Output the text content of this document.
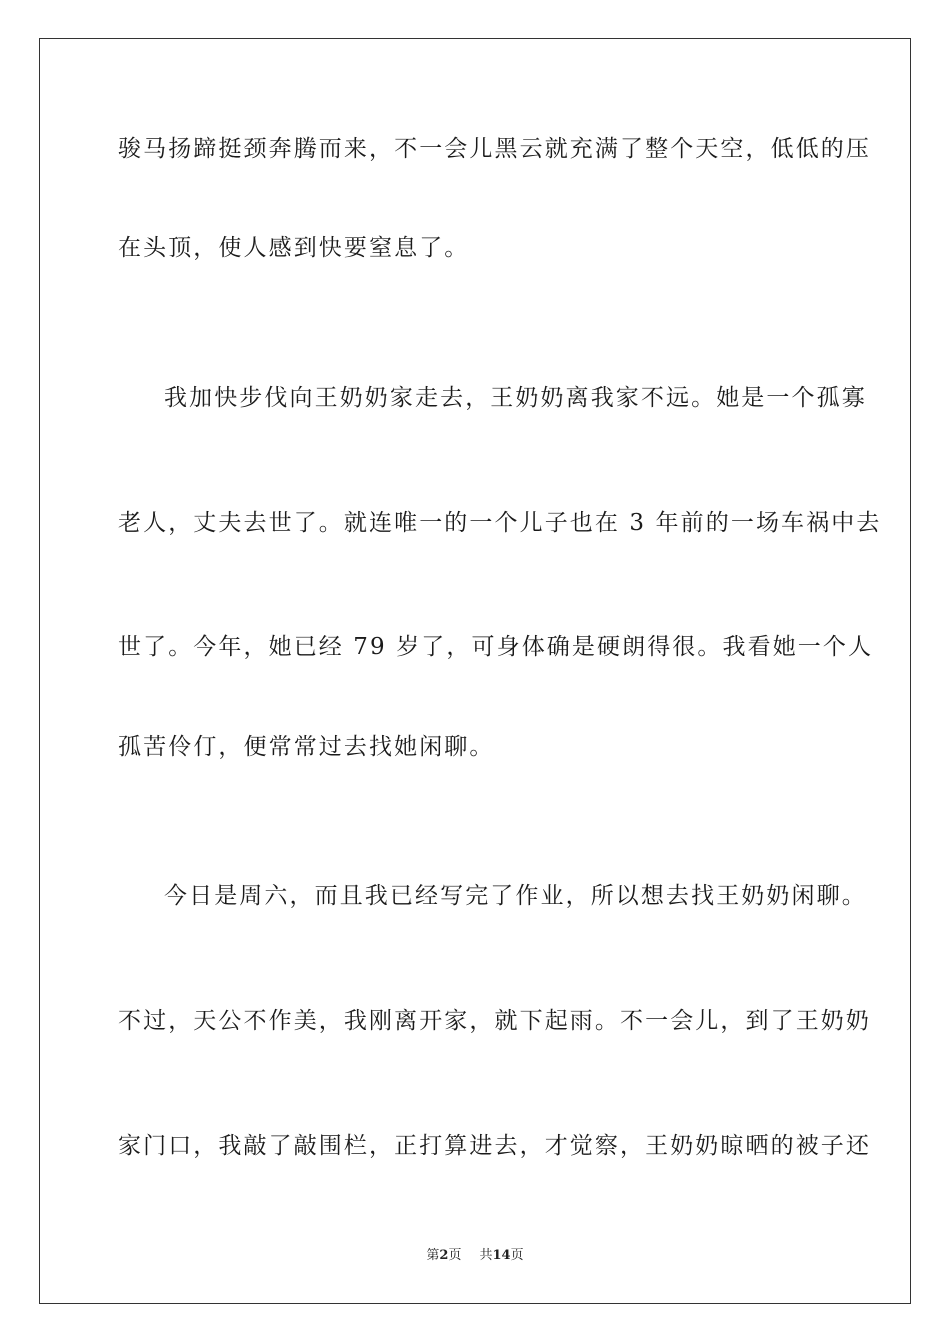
骏马扬蹄挺颈奔腾而来，不一会儿黑云就充满了整个天空，低低的压
在头顶，使人感到快要窒息了。
我加快步伐向王奶奶家走去，王奶奶离我家不远。她是一个孤寡
老人，丈夫去世了。就连唯一的一个儿子也在 3 年前的一场车祸中去
世了。今年，她已经 79 岁了，可身体确是硬朗得很。我看她一个人
孤苦伶仃，便常常过去找她闲聊。
今日是周六，而且我已经写完了作业，所以想去找王奶奶闲聊。
不过，天公不作美，我刚离开家，就下起雨。不一会儿，到了王奶奶
家门口，我敲了敲围栏，正打算进去，才觉察，王奶奶晾晒的被子还
第2页 共14页
